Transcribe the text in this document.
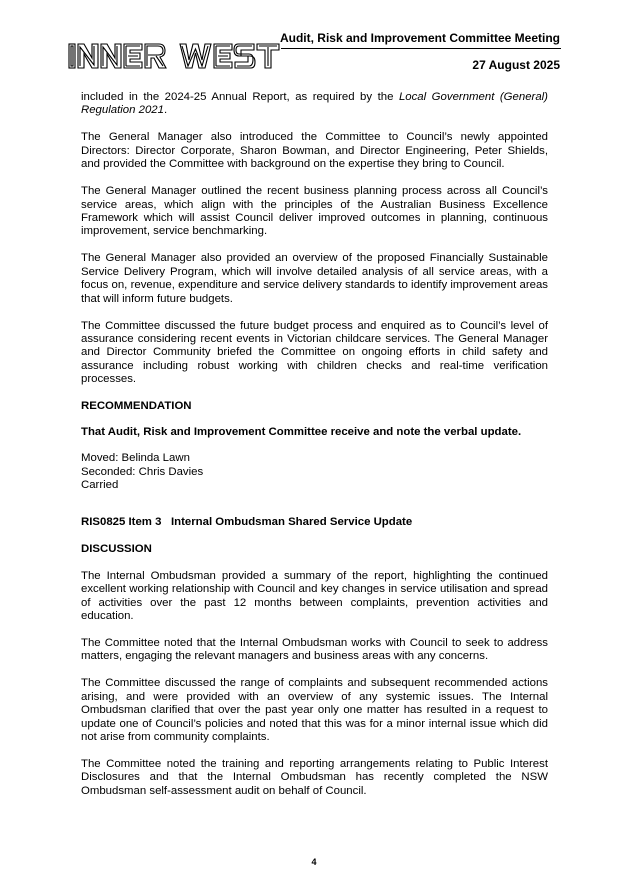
INNER WEST	Audit, Risk and Improvement Committee Meeting
27 August 2025

included in the 2024-25 Annual Report, as required by the Local Government (General) Regulation 2021.

The General Manager also introduced the Committee to Council’s newly appointed Directors: Director Corporate, Sharon Bowman, and Director Engineering, Peter Shields, and provided the Committee with background on the expertise they bring to Council.

The General Manager outlined the recent business planning process across all Council’s service areas, which align with the principles of the Australian Business Excellence Framework which will assist Council deliver improved outcomes in planning, continuous improvement, service benchmarking.

The General Manager also provided an overview of the proposed Financially Sustainable Service Delivery Program, which will involve detailed analysis of all service areas, with a focus on, revenue, expenditure and service delivery standards to identify improvement areas that will inform future budgets.

The Committee discussed the future budget process and enquired as to Council’s level of assurance considering recent events in Victorian childcare services. The General Manager and Director Community briefed the Committee on ongoing efforts in child safety and assurance including robust working with children checks and real-time verification processes.

RECOMMENDATION

That Audit, Risk and Improvement Committee receive and note the verbal update.

Moved: Belinda Lawn
Seconded: Chris Davies
Carried
RIS0825 Item 3 Internal Ombudsman Shared Service Update

DISCUSSION

The Internal Ombudsman provided a summary of the report, highlighting the continued excellent working relationship with Council and key changes in service utilisation and spread of activities over the past 12 months between complaints, prevention activities and education.

The Committee noted that the Internal Ombudsman works with Council to seek to address matters, engaging the relevant managers and business areas with any concerns.

The Committee discussed the range of complaints and subsequent recommended actions arising, and were provided with an overview of any systemic issues. The Internal Ombudsman clarified that over the past year only one matter has resulted in a request to update one of Council’s policies and noted that this was for a minor internal issue which did not arise from community complaints.

The Committee noted the training and reporting arrangements relating to Public Interest Disclosures and that the Internal Ombudsman has recently completed the NSW Ombudsman self-assessment audit on behalf of Council.

4
